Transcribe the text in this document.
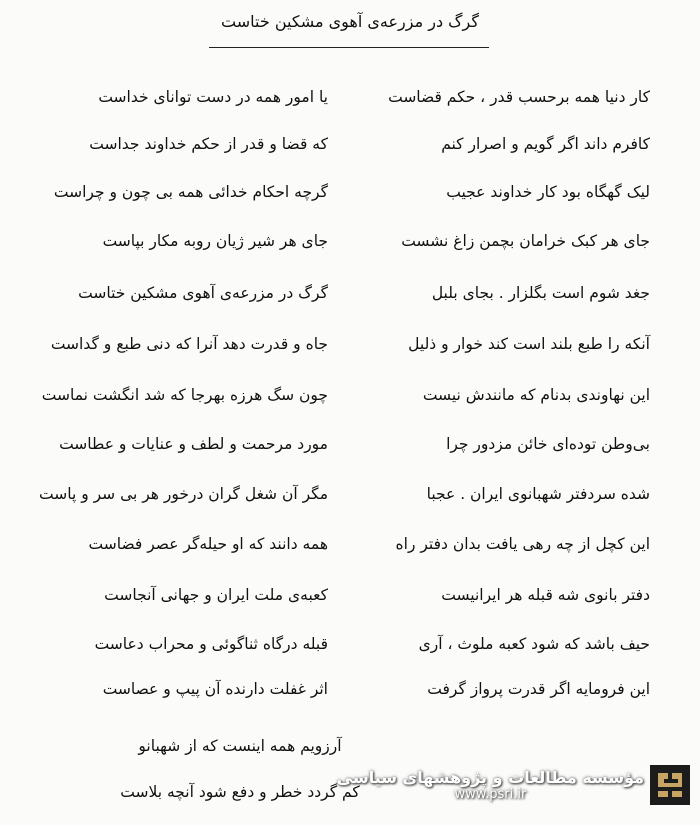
گرگ در مزرعه‌ی آهوی مشکین ختاست
کار دنیا همه برحسب قدر ، حکم قضاست
یا امور همه در دست توانای خداست
کافرم داند اگر گویم و اصرار کنم
که قضا و قدر از حکم خداوند جداست
لیک گهگاه بود کار خداوند عجیب
گرچه احکام خدائی همه بی چون و چراست
جای هر کبک خرامان بچمن زاغ نشست
جای هر شیر ژیان روبه مکار بپاست
جغد شوم است بگلزار . بجای بلبل
گرگ در مزرعه‌ی آهوی مشکین ختاست
آنکه را طبع بلند است کند خوار و ذلیل
جاه و قدرت دهد آنرا که دنی طبع و گداست
این نهاوندی بدنام که مانندش نیست
چون سگ هرزه بهرجا که شد انگشت نماست
بی‌وطن توده‌ای خائن مزدور چرا
مورد مرحمت و لطف و عنایات و عطاست
شده سردفتر شهبانوی ایران . عجبا
مگر آن شغل گران درخور هر بی سر و پاست
این کچل از چه رهی یافت بدان دفتر راه
همه دانند که او حیله‌گر عصر فضاست
دفتر بانوی شه قبله‌ هر ایرانیست
کعبه‌ی ملت ایران و جهانی آنجاست
حیف باشد که شود کعبه ملوث ، آری
قبله درگاه ثناگوئی و محراب دعاست
این فرومایه اگر قدرت پرواز گرفت
اثر غفلت دارنده آن پیپ و عصاست
آرزویم همه اینست که از شهبانو
کم گردد خطر و دفع شود آنچه بلاست
مؤسسه مطالعات و پژوهشهای سیاسی
www.psri.ir
